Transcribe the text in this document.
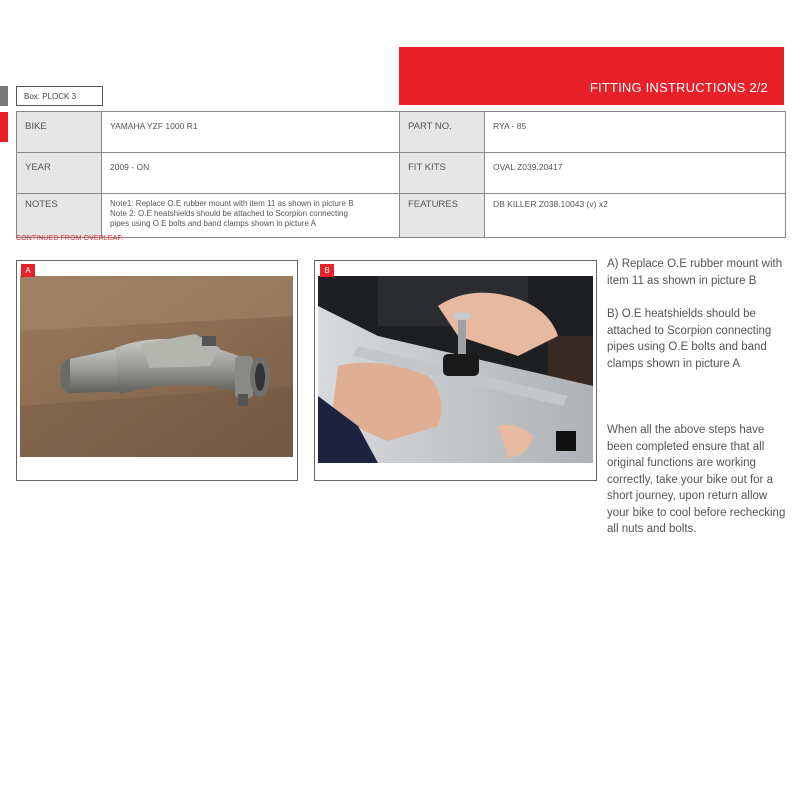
FITTING INSTRUCTIONS 2/2
Box: PLOCK 3
BIKE	YAMAHA YZF 1000 R1	PART NO.	RYA - 85
YEAR	2009 - ON	FIT KITS	OVAL Z039.20417
NOTES	Note1: Replace O.E rubber mount with item 11 as shown in picture B
Note 2: O.E heatshields should be attached to Scorpion connecting
pipes using O.E bolts and band clamps shown in picture A	FEATURES	DB KILLER Z038.10043 (v) x2
CONTINUED FROM OVERLEAF:
A	B
A) Replace O.E rubber mount with item 11 as shown in picture B
B) O.E heatshields should be attached to Scorpion connecting pipes using O.E bolts and band clamps shown in picture A
When all the above steps have been completed ensure that all original functions are working correctly, take your bike out for a short journey, upon return allow your bike to cool before rechecking all nuts and bolts.
